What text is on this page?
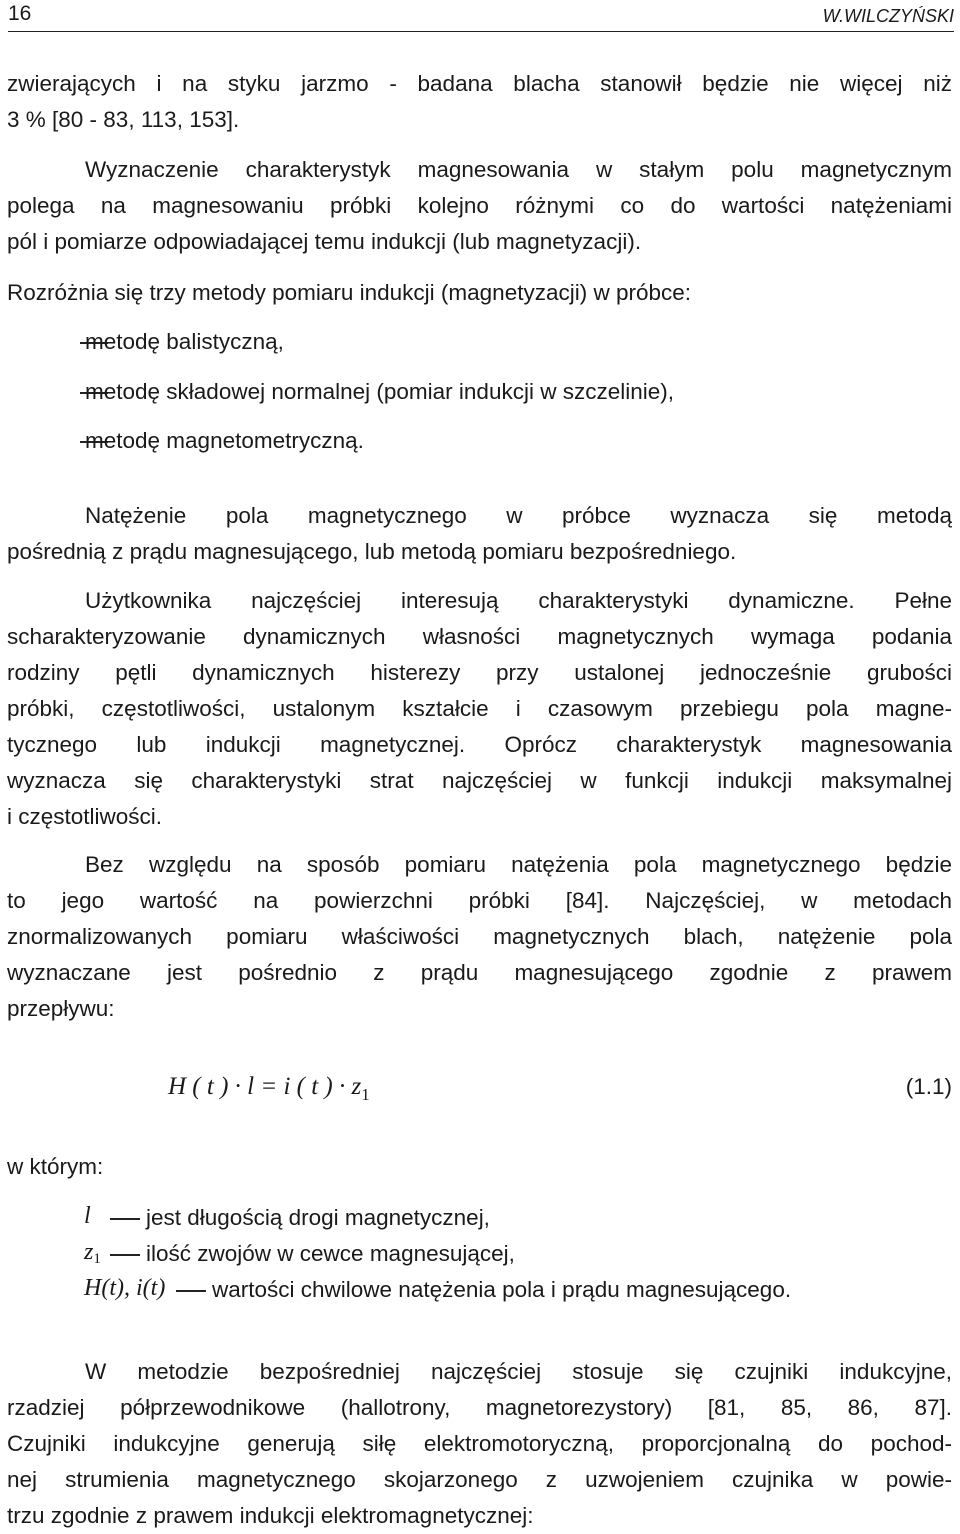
16	W.WILCZYŃSKI
zwierających i na styku jarzmo - badana blacha stanowił będzie nie więcej niż
3 % [80 - 83, 113, 153].
Wyznaczenie charakterystyk magnesowania w stałym polu magnetycznym
polega na magnesowaniu próbki kolejno różnymi co do wartości natężeniami
pól i pomiarze odpowiadającej temu indukcji (lub magnetyzacji).
Rozróżnia się trzy metody pomiaru indukcji (magnetyzacji) w próbce:
metodę balistyczną,
metodę składowej normalnej (pomiar indukcji w szczelinie),
metodę magnetometryczną.
Natężenie pola magnetycznego w próbce wyznacza się metodą
pośrednią z prądu magnesującego, lub metodą pomiaru bezpośredniego.
Użytkownika najczęściej interesują charakterystyki dynamiczne. Pełne
scharakteryzowanie dynamicznych własności magnetycznych wymaga podania
rodziny pętli dynamicznych histerezy przy ustalonej jednocześnie grubości
próbki, częstotliwości, ustalonym kształcie i czasowym przebiegu pola magne-
tycznego lub indukcji magnetycznej. Oprócz charakterystyk magnesowania
wyznacza się charakterystyki strat najczęściej w funkcji indukcji maksymalnej
i częstotliwości.
Bez względu na sposób pomiaru natężenia pola magnetycznego będzie
to jego wartość na powierzchni próbki [84]. Najczęściej, w metodach
znormalizowanych pomiaru właściwości magnetycznych blach, natężenie pola
wyznaczane jest pośrednio z prądu magnesującego zgodnie z prawem
przepływu:
H ( t ) · l = i ( t ) · $z_1$	(1.1)
w którym:
l	jest długością drogi magnetycznej,
z1	ilość zwojów w cewce magnesującej,
H(t), i(t)	wartości chwilowe natężenia pola i prądu magnesującego.
W metodzie bezpośredniej najczęściej stosuje się czujniki indukcyjne,
rzadziej półprzewodnikowe (hallotrony, magnetorezystory) [81, 85, 86, 87].
Czujniki indukcyjne generują siłę elektromotoryczną, proporcjonalną do pochod-
nej strumienia magnetycznego skojarzonego z uzwojeniem czujnika w powie-
trzu zgodnie z prawem indukcji elektromagnetycznej:
